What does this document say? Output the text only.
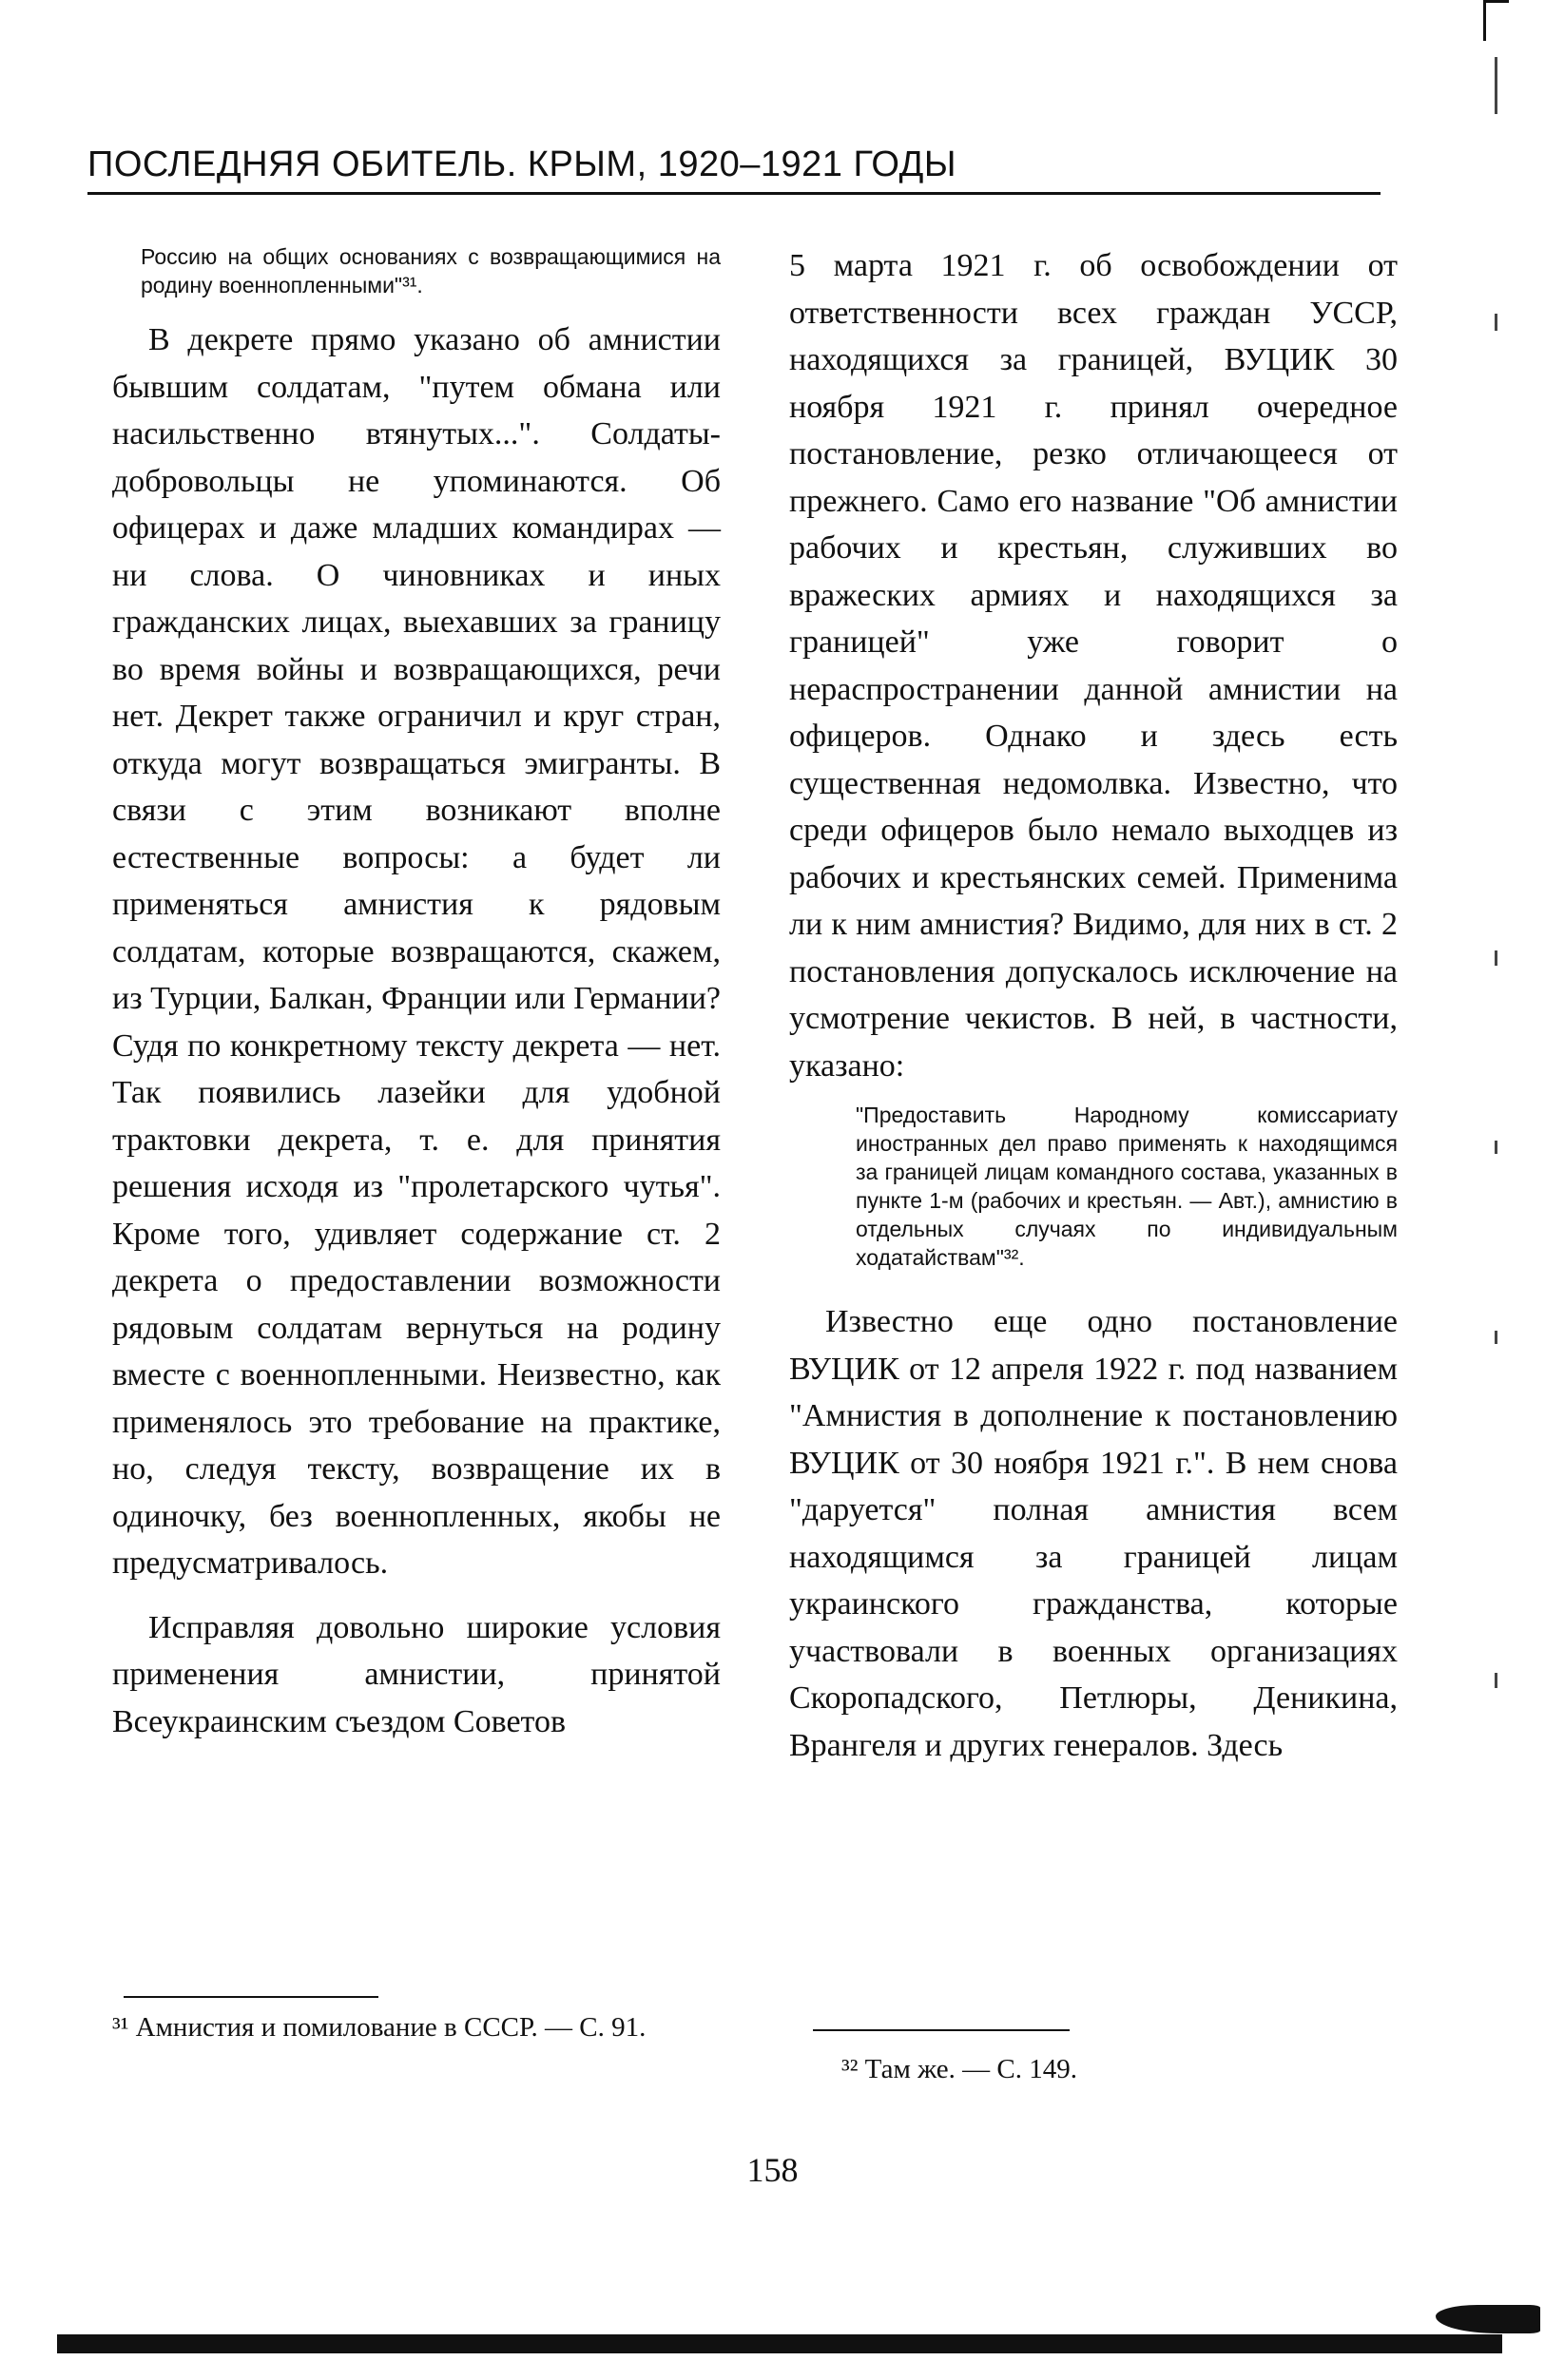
ПОСЛЕДНЯЯ ОБИТЕЛЬ. КРЫМ, 1920–1921 ГОДЫ

Россию на общих основаниях с возвращающимися на родину военнопленными"³¹.

В декрете прямо указано об амнистии бывшим солдатам, "путем обмана или насильственно втянутых...". Солдаты-добровольцы не упоминаются. Об офицерах и даже младших командирах — ни слова. О чиновниках и иных гражданских лицах, выехавших за границу во время войны и возвращающихся, речи нет. Декрет также ограничил и круг стран, откуда могут возвращаться эмигранты. В связи с этим возникают вполне естественные вопросы: а будет ли применяться амнистия к рядовым солдатам, которые возвращаются, скажем, из Турции, Балкан, Франции или Германии? Судя по конкретному тексту декрета — нет. Так появились лазейки для удобной трактовки декрета, т. е. для принятия решения исходя из "пролетарского чутья". Кроме того, удивляет содержание ст. 2 декрета о предоставлении возможности рядовым солдатам вернуться на родину вместе с военнопленными. Неизвестно, как применялось это требование на практике, но, следуя тексту, возвращение их в одиночку, без военнопленных, якобы не предусматривалось.

Исправляя довольно широкие условия применения амнистии, принятой Всеукраинским съездом Советов

5 марта 1921 г. об освобождении от ответственности всех граждан УССР, находящихся за границей, ВУЦИК 30 ноября 1921 г. принял очередное постановление, резко отличающееся от прежнего. Само его название "Об амнистии рабочих и крестьян, служивших во вражеских армиях и находящихся за границей" уже говорит о нераспространении данной амнистии на офицеров. Однако и здесь есть существенная недомолвка. Известно, что среди офицеров было немало выходцев из рабочих и крестьянских семей. Применима ли к ним амнистия? Видимо, для них в ст. 2 постановления допускалось исключение на усмотрение чекистов. В ней, в частности, указано:

"Предоставить Народному комиссариату иностранных дел право применять к находящимся за границей лицам командного состава, указанных в пункте 1-м (рабочих и крестьян. — Авт.), амнистию в отдельных случаях по индивидуальным ходатайствам"³².

Известно еще одно постановление ВУЦИК от 12 апреля 1922 г. под названием "Амнистия в дополнение к постановлению ВУЦИК от 30 ноября 1921 г.". В нем снова "даруется" полная амнистия всем находящимся за границей лицам украинского гражданства, которые участвовали в военных организациях Скоропадского, Петлюры, Деникина, Врангеля и других генералов. Здесь

³¹ Амнистия и помилование в СССР. — С. 91.
³² Там же. — С. 149.
158
